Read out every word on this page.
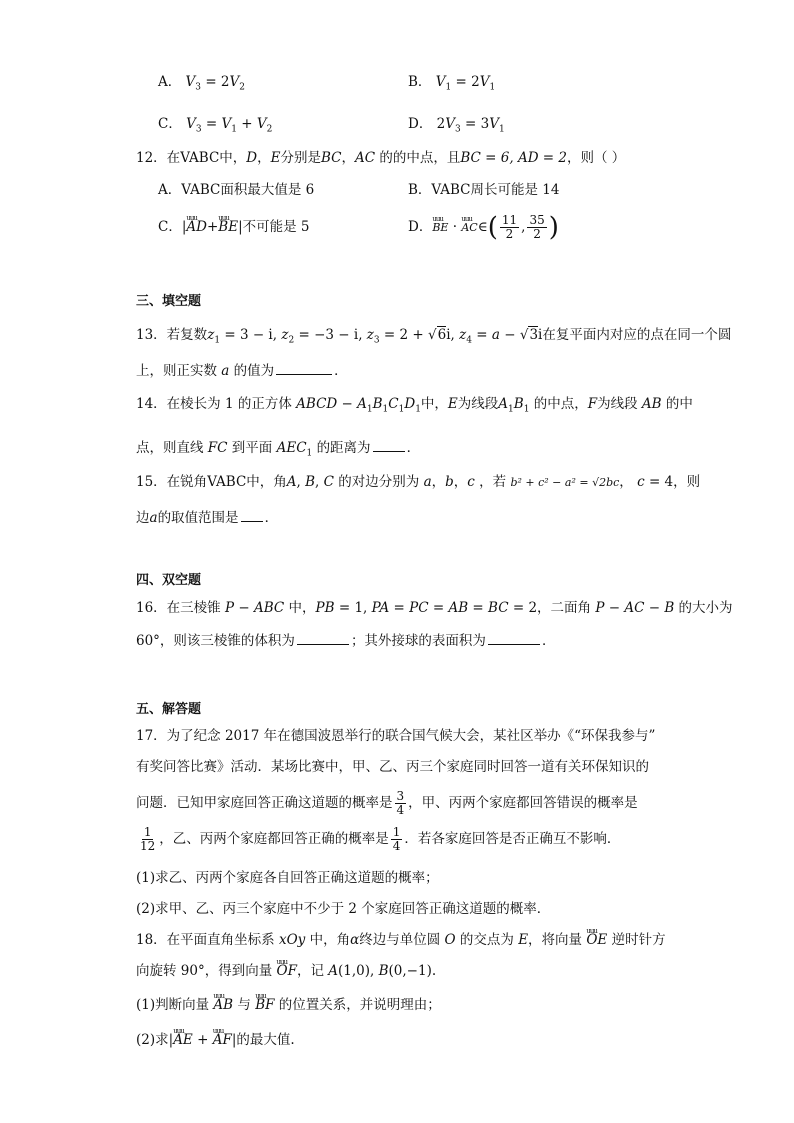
A． $V_3 = 2V_2$	B． $V_1 = 2V_1$
C． $V_3 = V_1 + V_2$	D． $2V_3 = 3V_1$
12．在VABC中，D，E分别是BC，AC 的的中点，且BC = 6, AD = 2，则（ ）
A．VABC面积最大值是 6	B．VABC周长可能是 14
C．|uuu AD+uuu BE|不可能是 5	D．uuu BE · uuu AC∈( $\frac{11}{2}$ , $\frac{35}{2}$ )
三、填空题
13．若复数$z_1 = 3 - i$, $z_2 = -3 - i$, $z_3 = 2 + √6i$, $z_4 = a - √3i$在复平面内对应的点在同一个圆
上，则正实数 a 的值为	．
14．在棱长为 1 的正方体 ABCD − $A_1B_1C_1D_1$中，E为线段$A_1B_1$ 的中点，F为线段 AB 的中
点，则直线 FC 到平面 $AEC_1$ 的距离为	．
15．在锐角VABC中，角A, B, C 的对边分别为 a，b，c ，若 b² + c² − a² = √2bc， c = 4，则
边a的取值范围是 ．
四、双空题
16．在三棱锥 P − ABC 中，PB = 1, PA = PC = AB = BC = 2，二面角 P − AC − B 的大小为
60°，则该三棱锥的体积为	；其外接球的表面积为	．
五、解答题
17．为了纪念 2017 年在德国波恩举行的联合国气候大会，某社区举办《“环保我参与”
有奖问答比赛》活动．某场比赛中，甲、乙、丙三个家庭同时回答一道有关环保知识的
问题．已知甲家庭回答正确这道题的概率是 $\frac{3}{4}$ ，甲、丙两个家庭都回答错误的概率是
$\frac{1}{12}$ ，乙、丙两个家庭都回答正确的概率是 $\frac{1}{4}$ ．若各家庭回答是否正确互不影响．
(1)求乙、丙两个家庭各自回答正确这道题的概率；
(2)求甲、乙、丙三个家庭中不少于 2 个家庭回答正确这道题的概率．
18．在平面直角坐标系 xOy 中，角α终边与单位圆 O 的交点为 E，将向量 uuu OE 逆时针方
向旋转 90°，得到向量 uuu OF，记 A(1,0), B(0,−1).
(1)判断向量 uuu AB 与 uuu BF 的位置关系，并说明理由；
(2)求|uuu AE + uuu AF|的最大值.
